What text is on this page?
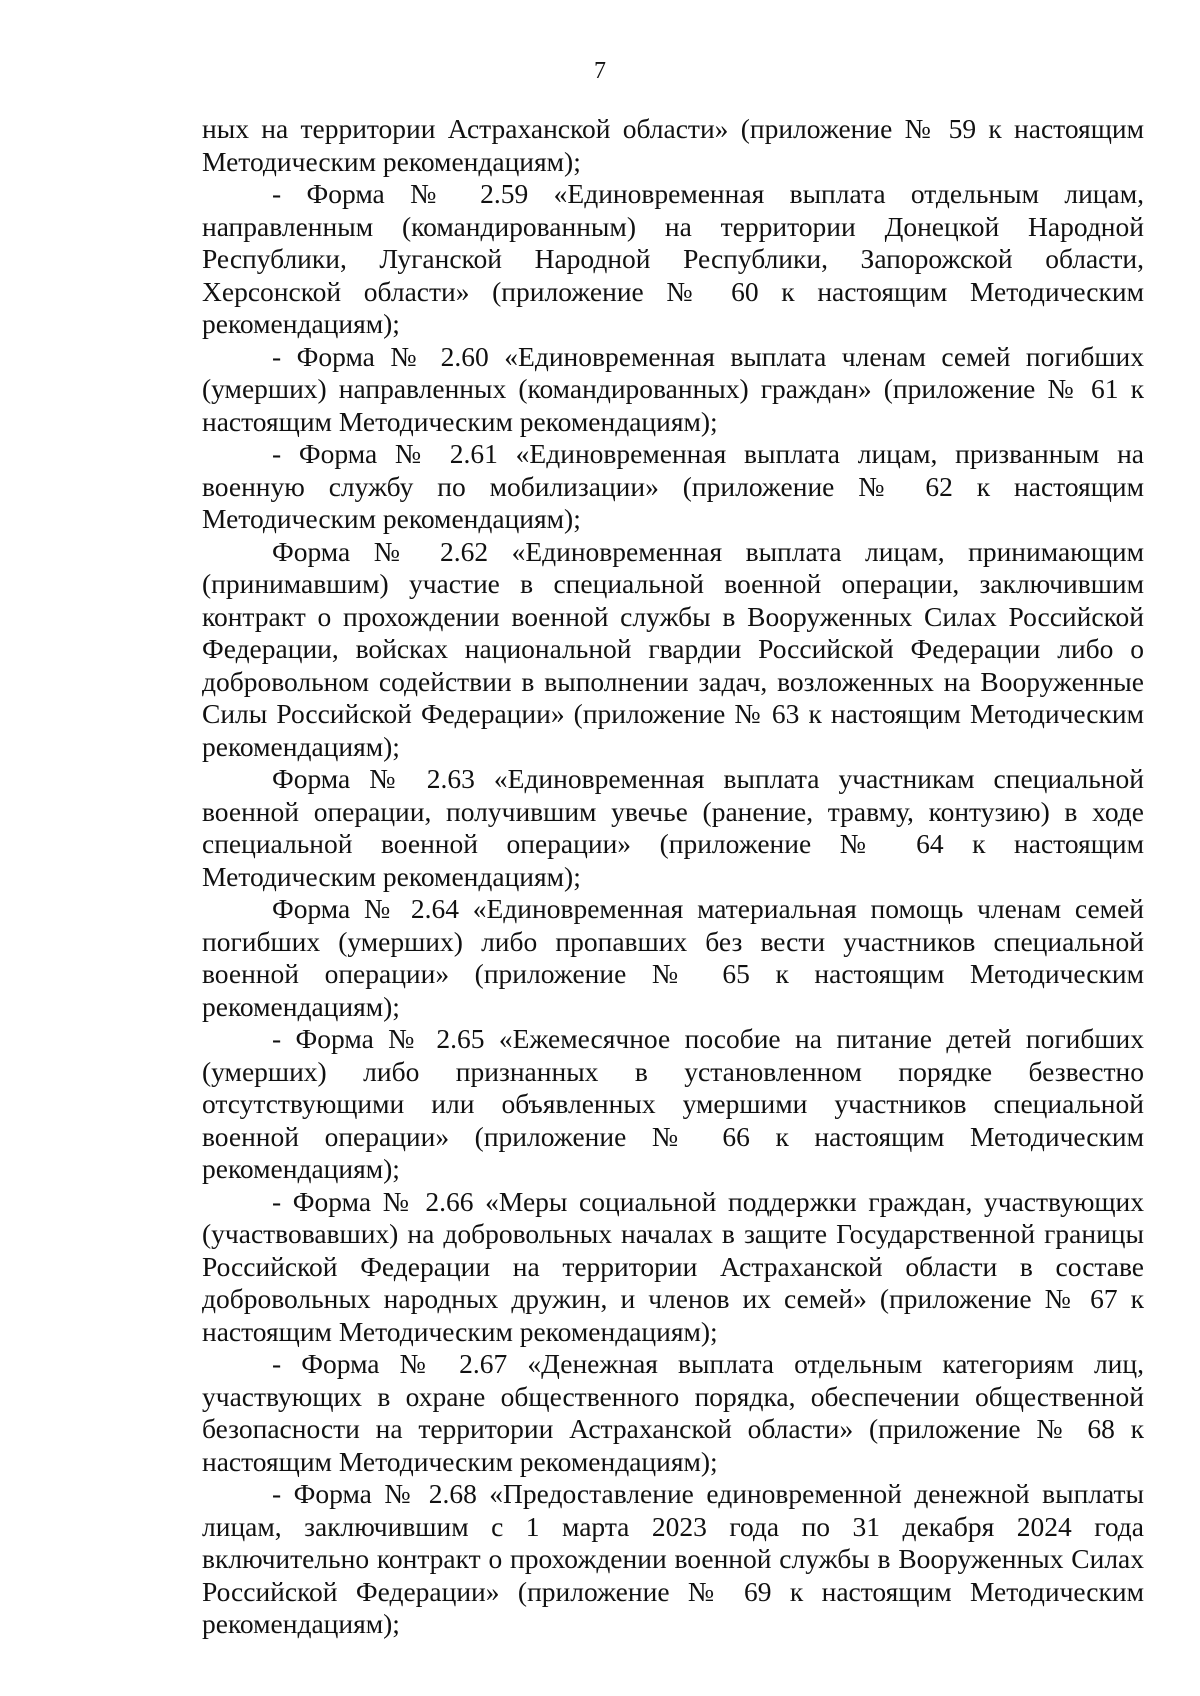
7

ных на территории Астраханской области» (приложение № 59 к настоящим Методическим рекомендациям);

- Форма № 2.59 «Единовременная выплата отдельным лицам, направленным (командированным) на территории Донецкой Народной Республики, Луганской Народной Республики, Запорожской области, Херсонской области» (приложение № 60 к настоящим Методическим рекомендациям);

- Форма № 2.60 «Единовременная выплата членам семей погибших (умерших) направленных (командированных) граждан» (приложение № 61 к настоящим Методическим рекомендациям);

- Форма № 2.61 «Единовременная выплата лицам, призванным на военную службу по мобилизации» (приложение № 62 к настоящим Методическим рекомендациям);

Форма № 2.62 «Единовременная выплата лицам, принимающим (принимавшим) участие в специальной военной операции, заключившим контракт о прохождении военной службы в Вооруженных Силах Российской Федерации, войсках национальной гвардии Российской Федерации либо о добровольном содействии в выполнении задач, возложенных на Вооруженные Силы Российской Федерации» (приложение № 63 к настоящим Методическим рекомендациям);

Форма № 2.63 «Единовременная выплата участникам специальной военной операции, получившим увечье (ранение, травму, контузию) в ходе специальной военной операции» (приложение № 64 к настоящим Методическим рекомендациям);

Форма № 2.64 «Единовременная материальная помощь членам семей погибших (умерших) либо пропавших без вести участников специальной военной операции» (приложение № 65 к настоящим Методическим рекомендациям);

- Форма № 2.65 «Ежемесячное пособие на питание детей погибших (умерших) либо признанных в установленном порядке безвестно отсутствующими или объявленных умершими участников специальной военной операции» (приложение № 66 к настоящим Методическим рекомендациям);

- Форма № 2.66 «Меры социальной поддержки граждан, участвующих (участвовавших) на добровольных началах в защите Государственной границы Российской Федерации на территории Астраханской области в составе добровольных народных дружин, и членов их семей» (приложение № 67 к настоящим Методическим рекомендациям);

- Форма № 2.67 «Денежная выплата отдельным категориям лиц, участвующих в охране общественного порядка, обеспечении общественной безопасности на территории Астраханской области» (приложение № 68 к настоящим Методическим рекомендациям);

- Форма № 2.68 «Предоставление единовременной денежной выплаты лицам, заключившим с 1 марта 2023 года по 31 декабря 2024 года включительно контракт о прохождении военной службы в Вооруженных Силах Российской Федерации» (приложение № 69 к настоящим Методическим рекомендациям);
